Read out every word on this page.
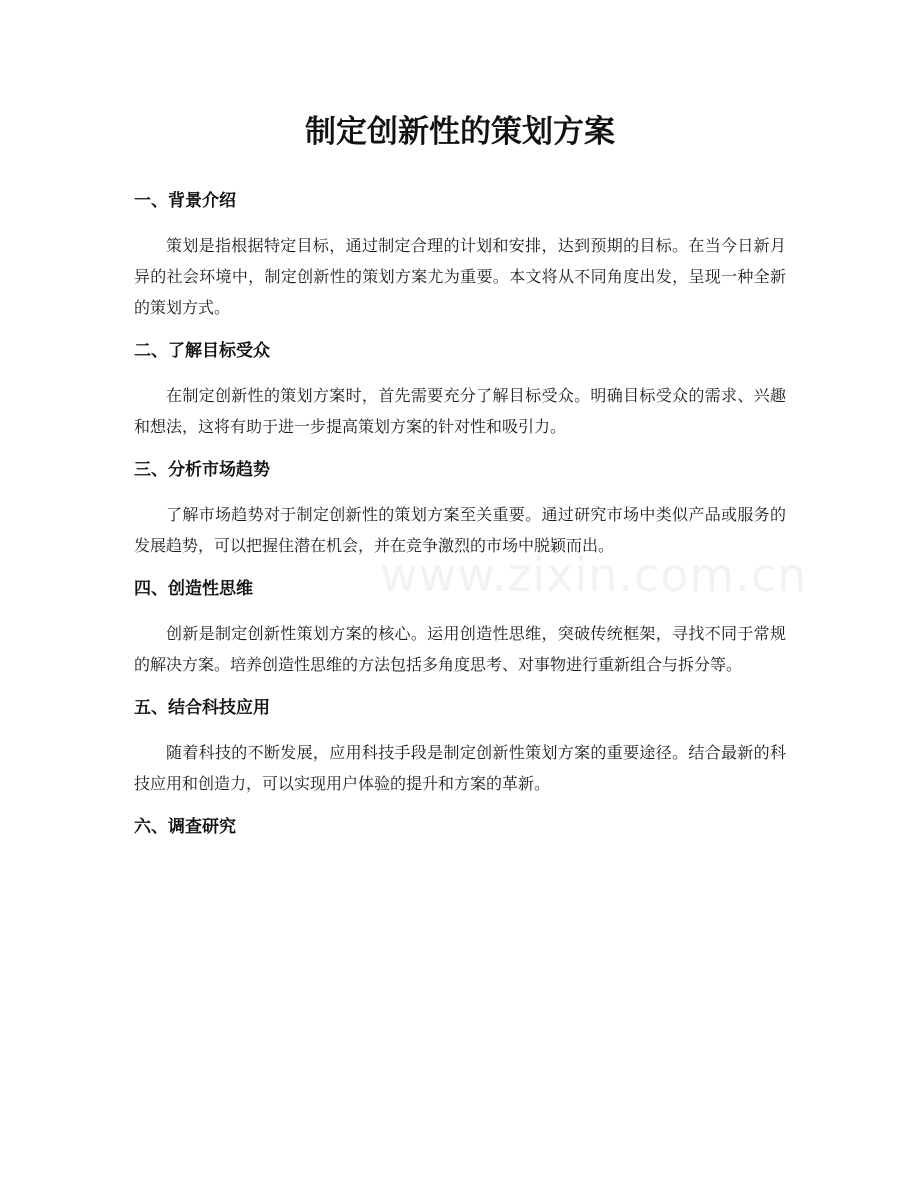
制定创新性的策划方案
www.zixin.com.cn
一、背景介绍

策划是指根据特定目标，通过制定合理的计划和安排，达到预期的目标。在当今日新月异的社会环境中，制定创新性的策划方案尤为重要。本文将从不同角度出发，呈现一种全新的策划方式。

二、了解目标受众

在制定创新性的策划方案时，首先需要充分了解目标受众。明确目标受众的需求、兴趣和想法，这将有助于进一步提高策划方案的针对性和吸引力。

三、分析市场趋势

了解市场趋势对于制定创新性的策划方案至关重要。通过研究市场中类似产品或服务的发展趋势，可以把握住潜在机会，并在竞争激烈的市场中脱颖而出。

四、创造性思维

创新是制定创新性策划方案的核心。运用创造性思维，突破传统框架，寻找不同于常规的解决方案。培养创造性思维的方法包括多角度思考、对事物进行重新组合与拆分等。

五、结合科技应用

随着科技的不断发展，应用科技手段是制定创新性策划方案的重要途径。结合最新的科技应用和创造力，可以实现用户体验的提升和方案的革新。

六、调查研究
